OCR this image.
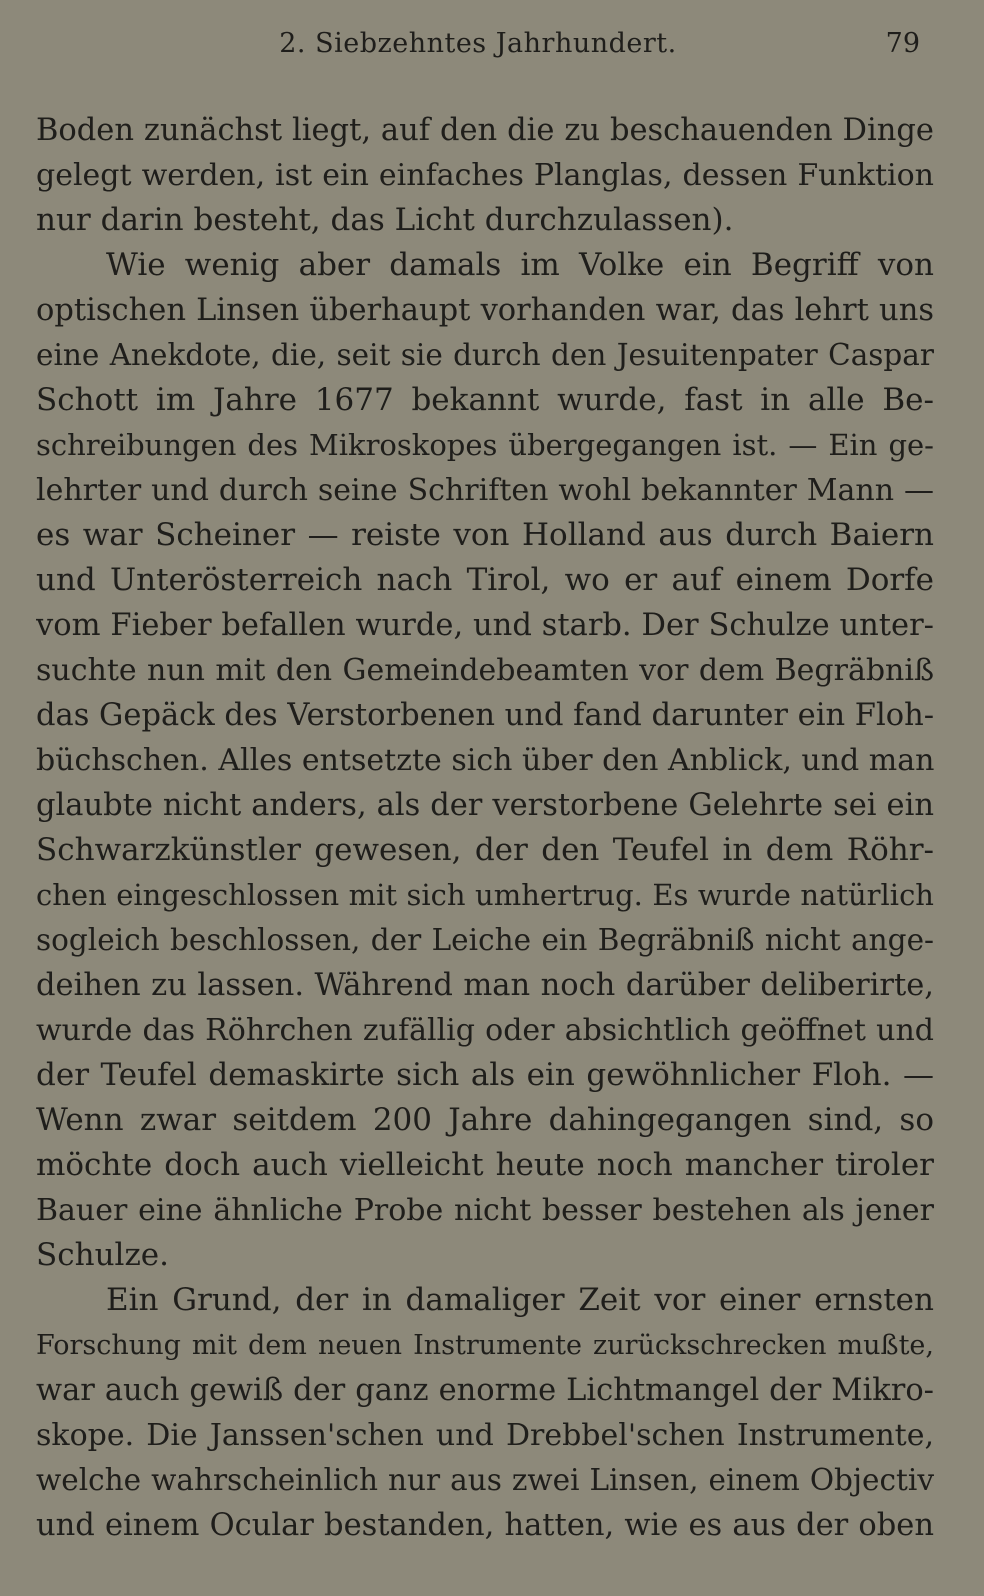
2. Siebzehntes Jahrhundert.	79
Boden zunächst liegt, auf den die zu beschauenden Dinge
gelegt werden, ist ein einfaches Planglas, dessen Funktion
nur darin besteht, das Licht durchzulassen).
Wie wenig aber damals im Volke ein Begriff von
optischen Linsen überhaupt vorhanden war, das lehrt uns
eine Anekdote, die, seit sie durch den Jesuitenpater Caspar
Schott im Jahre 1677 bekannt wurde, fast in alle Be-
schreibungen des Mikroskopes übergegangen ist. — Ein ge-
lehrter und durch seine Schriften wohl bekannter Mann —
es war Scheiner — reiste von Holland aus durch Baiern
und Unterösterreich nach Tirol, wo er auf einem Dorfe
vom Fieber befallen wurde, und starb. Der Schulze unter-
suchte nun mit den Gemeindebeamten vor dem Begräbniß
das Gepäck des Verstorbenen und fand darunter ein Floh-
büchschen. Alles entsetzte sich über den Anblick, und man
glaubte nicht anders, als der verstorbene Gelehrte sei ein
Schwarzkünstler gewesen, der den Teufel in dem Röhr-
chen eingeschlossen mit sich umhertrug. Es wurde natürlich
sogleich beschlossen, der Leiche ein Begräbniß nicht ange-
deihen zu lassen. Während man noch darüber deliberirte,
wurde das Röhrchen zufällig oder absichtlich geöffnet und
der Teufel demaskirte sich als ein gewöhnlicher Floh. —
Wenn zwar seitdem 200 Jahre dahingegangen sind, so
möchte doch auch vielleicht heute noch mancher tiroler
Bauer eine ähnliche Probe nicht besser bestehen als jener
Schulze.
Ein Grund, der in damaliger Zeit vor einer ernsten
Forschung mit dem neuen Instrumente zurückschrecken mußte,
war auch gewiß der ganz enorme Lichtmangel der Mikro-
skope. Die Janssen'schen und Drebbel'schen Instrumente,
welche wahrscheinlich nur aus zwei Linsen, einem Objectiv
und einem Ocular bestanden, hatten, wie es aus der oben
